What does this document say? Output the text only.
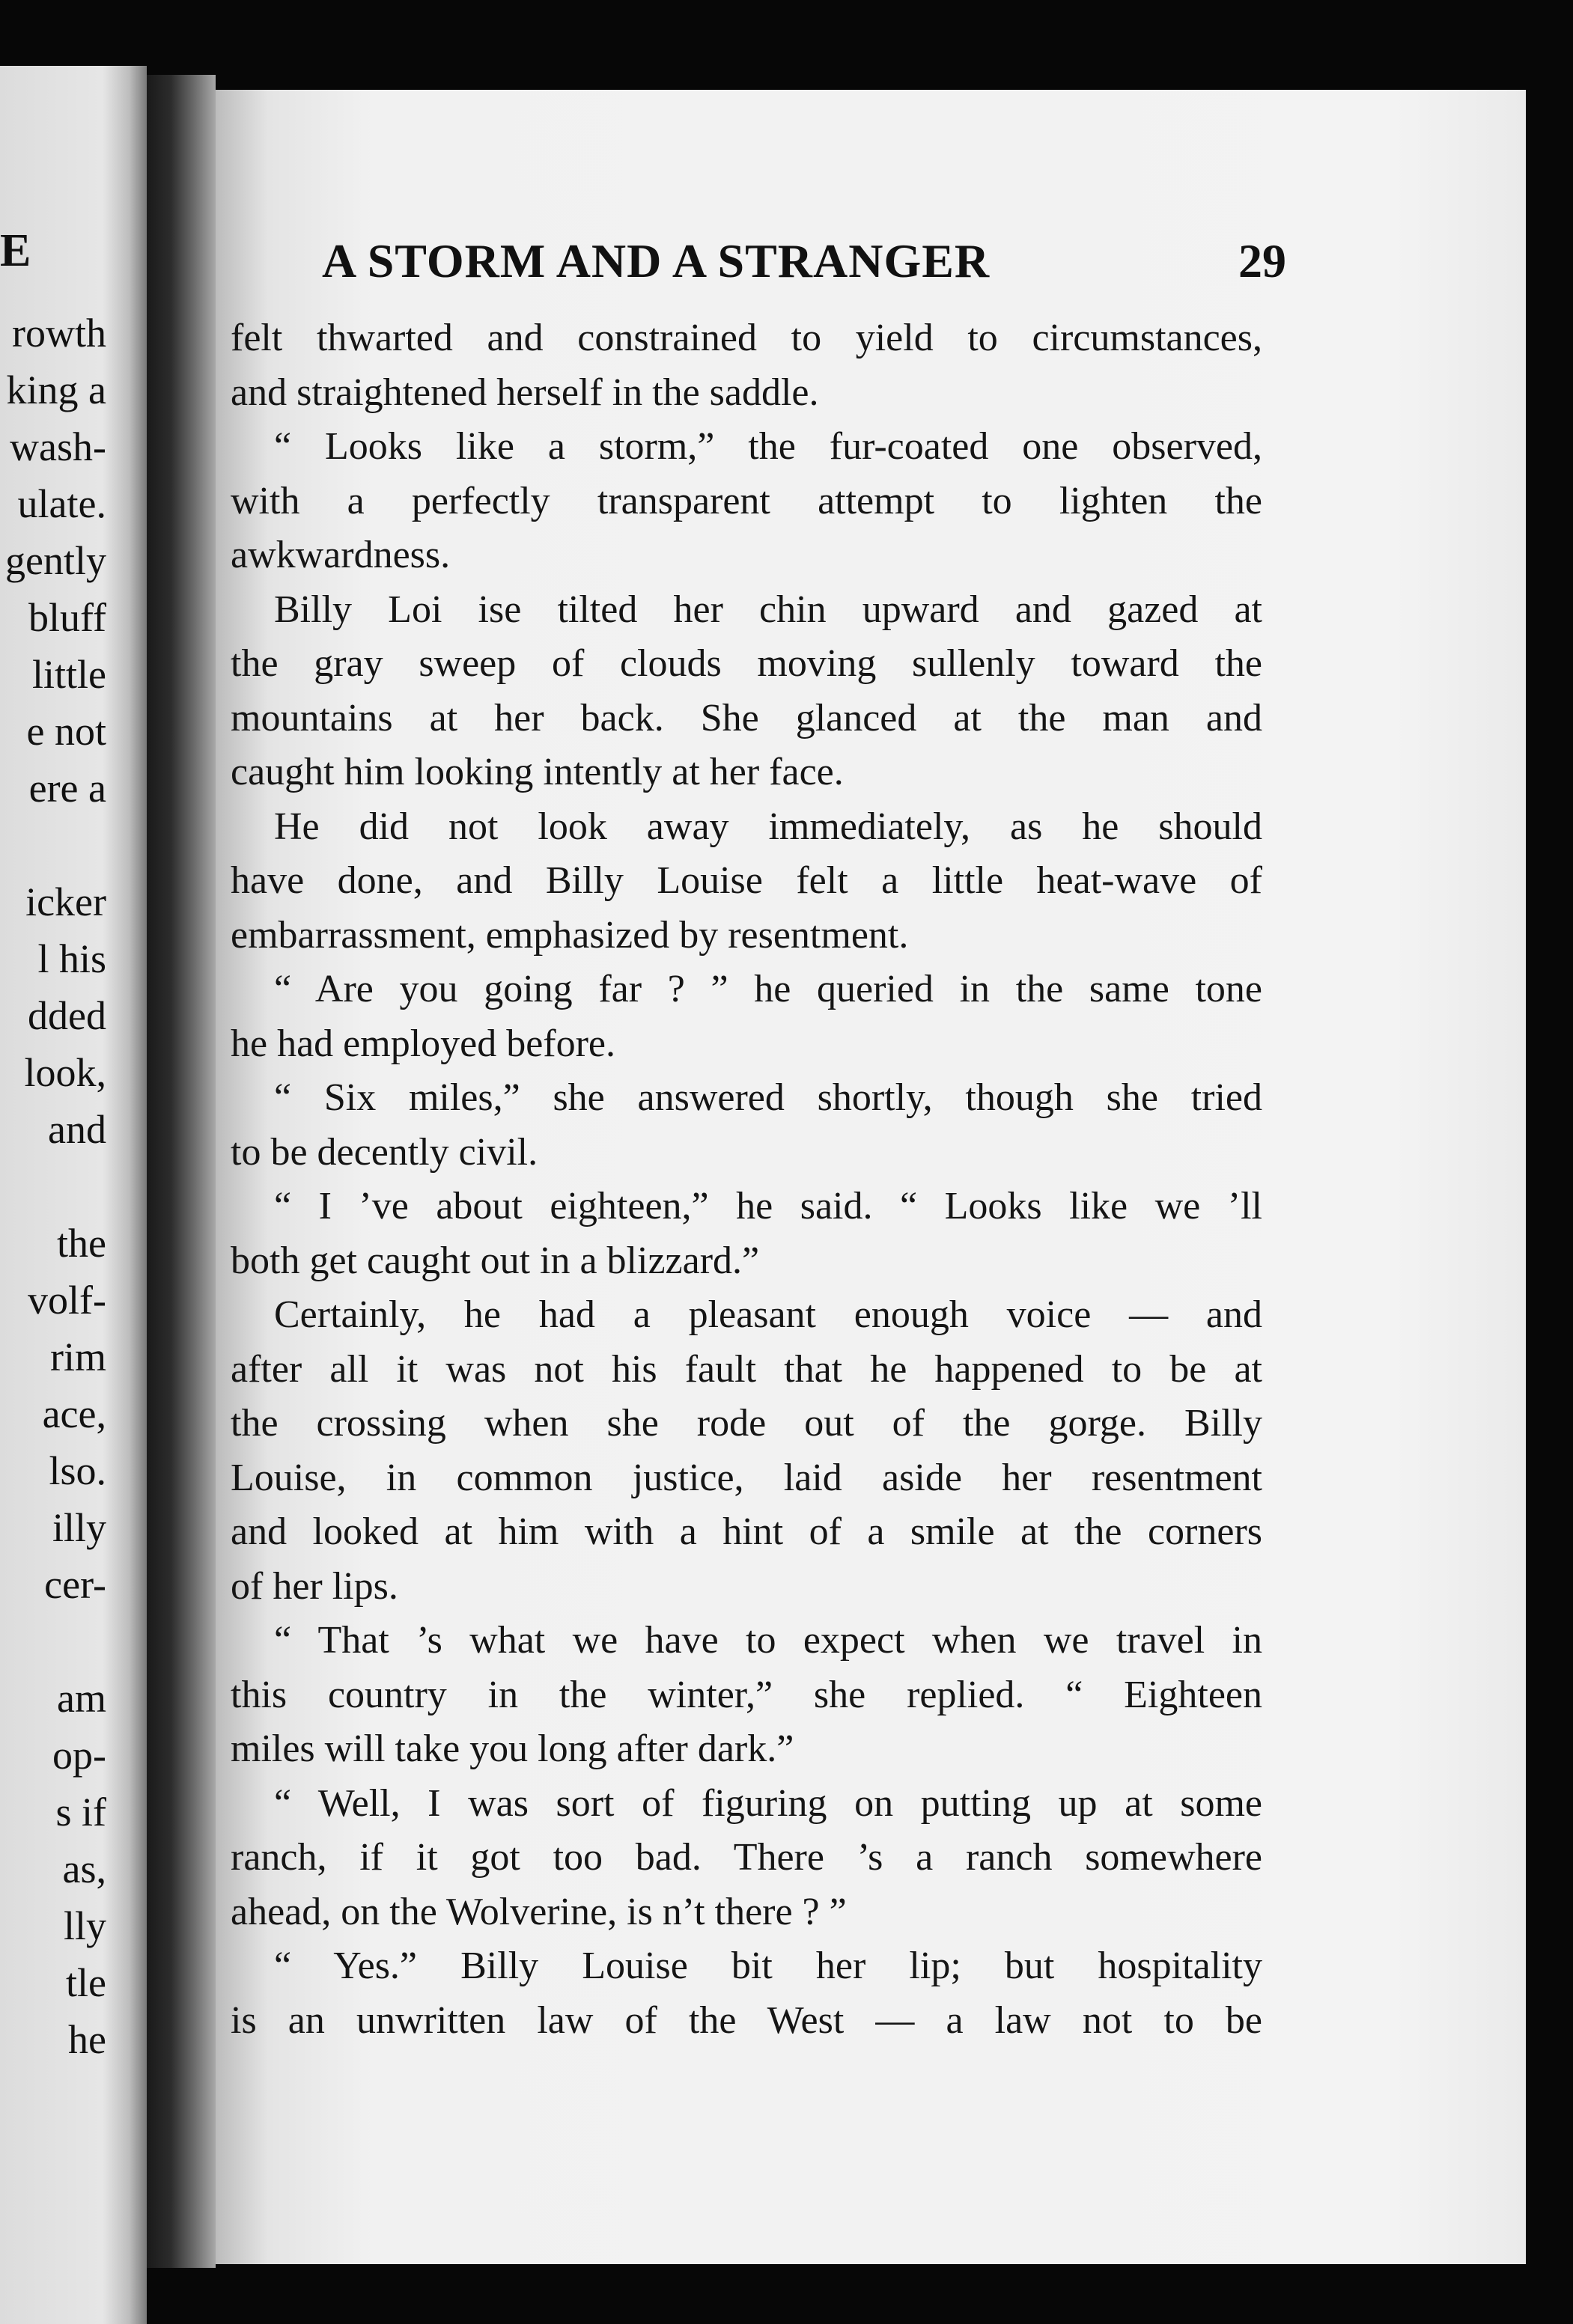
E
rowth
king a
wash-
ulate.
gently
bluff
little
e not
ere a
icker
l his
dded
look,
and
the
volf-
rim
ace,
lso.
illy
cer-
am
op-
s if
as,
lly
tle
he
A STORM AND A STRANGER	29
felt thwarted and constrained to yield to circumstances,
and straightened herself in the saddle.
“ Looks like a storm,” the fur-coated one observed,
with a perfectly transparent attempt to lighten the
awkwardness.
Billy Loi ise tilted her chin upward and gazed at
the gray sweep of clouds moving sullenly toward the
mountains at her back. She glanced at the man and
caught him looking intently at her face.
He did not look away immediately, as he should
have done, and Billy Louise felt a little heat-wave of
embarrassment, emphasized by resentment.
“ Are you going far ? ” he queried in the same tone
he had employed before.
“ Six miles,” she answered shortly, though she tried
to be decently civil.
“ I ’ve about eighteen,” he said. “ Looks like we ’ll
both get caught out in a blizzard.”
Certainly, he had a pleasant enough voice — and
after all it was not his fault that he happened to be at
the crossing when she rode out of the gorge. Billy
Louise, in common justice, laid aside her resentment
and looked at him with a hint of a smile at the corners
of her lips.
“ That ’s what we have to expect when we travel in
this country in the winter,” she replied. “ Eighteen
miles will take you long after dark.”
“ Well, I was sort of figuring on putting up at some
ranch, if it got too bad. There ’s a ranch somewhere
ahead, on the Wolverine, is n’t there ? ”
“ Yes.” Billy Louise bit her lip; but hospitality
is an unwritten law of the West — a law not to be
